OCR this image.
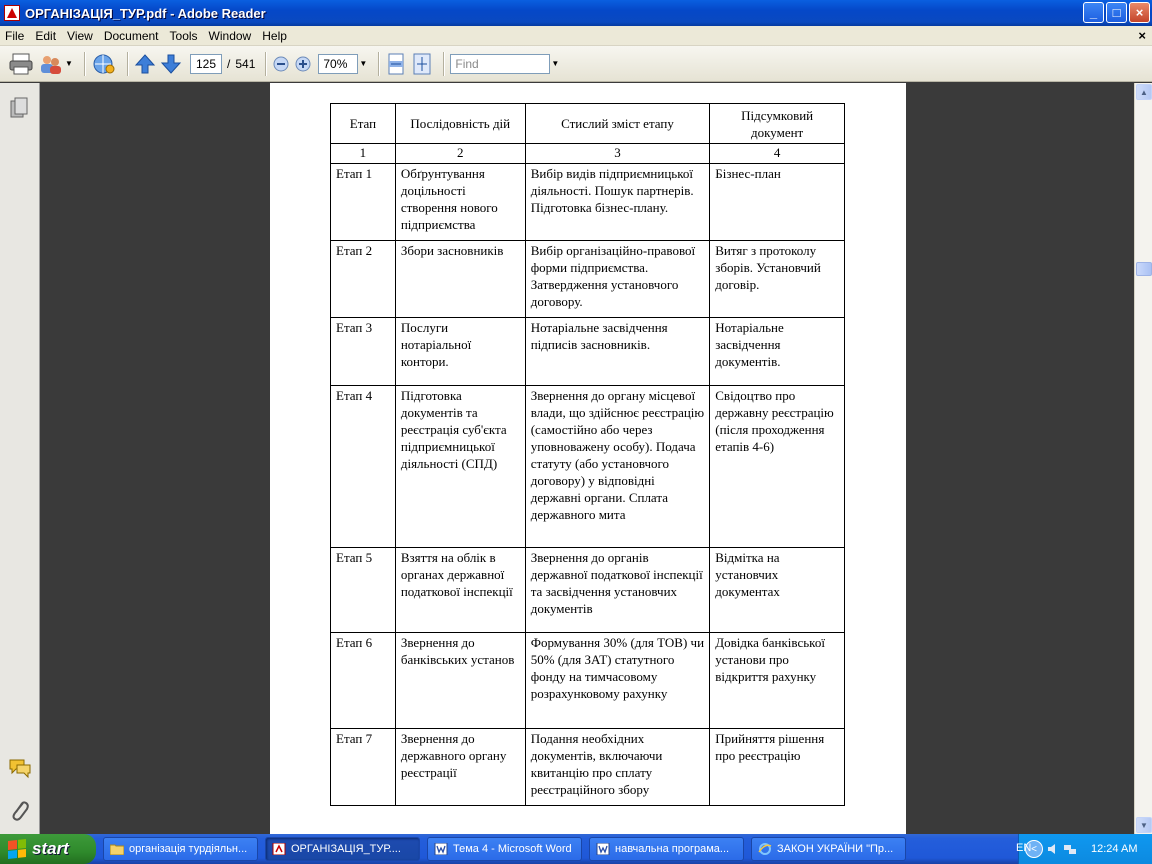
ОРГАНІЗАЦІЯ_ТУР.pdf - Adobe Reader	_	□	×
File Edit View Document Tools Window Help	×
▼	125 / 541	70%	▼	Find	▼
Етап	Послідовність дій	Стислий зміст етапу	Підсумковий документ
1	2	3	4
Етап 1	Обґрунтування доцільності створення нового підприємства	Вибір видів підприємницької діяльності. Пошук партнерів. Підготовка бізнес-плану.	Бізнес-план
Етап 2	Збори засновників	Вибір організаційно-правової форми підприємства. Затвердження установчого договору.	Витяг з протоколу зборів. Установчий договір.
Етап 3	Послуги нотаріальної контори.	Нотаріальне засвідчення підписів засновників.	Нотаріальне засвідчення документів.
Етап 4	Підготовка документів та реєстрація суб'єкта підприємницької діяльності (СПД)	Звернення до органу місцевої влади, що здійснює реєстрацію (самостійно або через уповноважену особу). Подача статуту (або установчого договору) у відповідні державні органи. Сплата державного мита	Свідоцтво про державну реєстрацію (після проходження етапів 4-6)
Етап 5	Взяття на облік в органах державної податкової інспекції	Звернення до органів державної податкової інспекції та засвідчення установчих документів	Відмітка на установчих документах
Етап 6	Звернення до банківських установ	Формування 30% (для ТОВ) чи 50% (для ЗАТ) статутного фонду на тимчасовому розрахунковому рахунку	Довідка банківської установи про відкриття рахунку
Етап 7	Звернення до державного органу реєстрації	Подання необхідних документів, включаючи квитанцію про сплату реєстраційного збору	Прийняття рішення про реєстрацію
▲
▼
start	організація турдіяльн...	ОРГАНІЗАЦІЯ_ТУР....	Тема 4 - Microsoft Word	навчальна програма...	ЗАКОН УКРАЇНИ "Пр...	<	12:24 AM
EN
